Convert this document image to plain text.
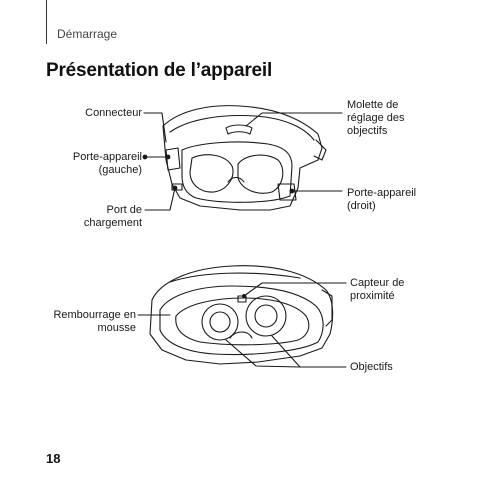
Démarrage
Présentation de l’appareil
Connecteur
Porte-appareil
(gauche)
Port de
chargement
Molette de
réglage des
objectifs
Porte-appareil
(droit)
Rembourrage en
mousse
Capteur de
proximité
Objectifs
18
